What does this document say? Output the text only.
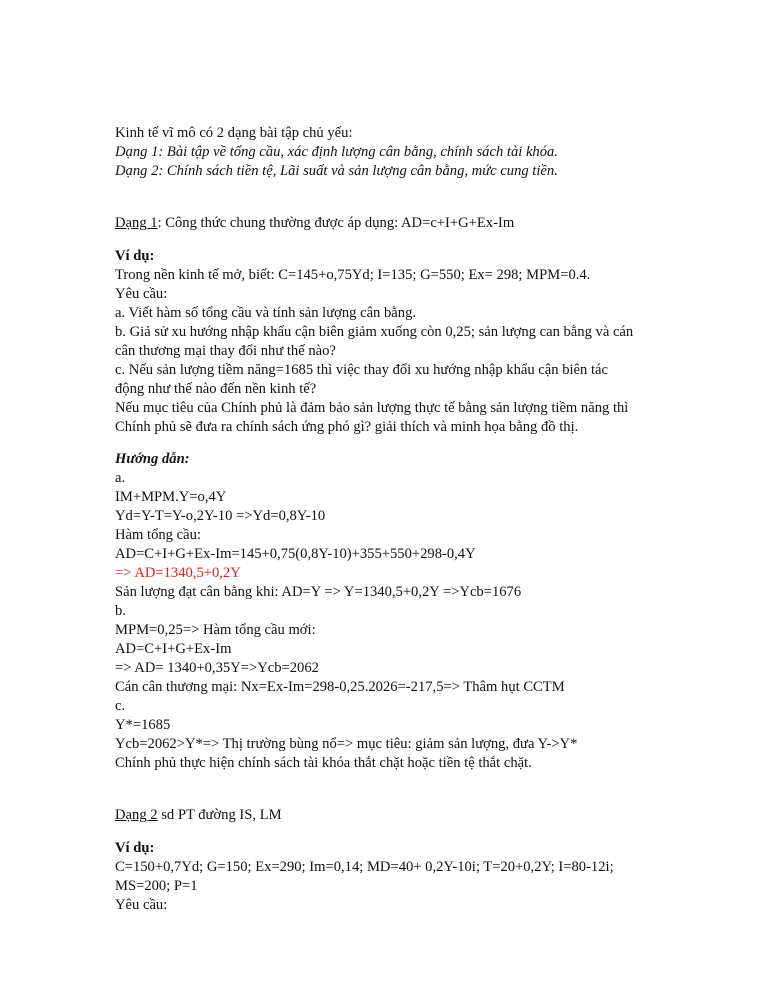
Kinh tế vĩ mô có 2 dạng bài tập chủ yếu:
Dạng 1: Bài tập về tổng cầu, xác định lượng cân bằng, chính sách tài khóa.
Dạng 2: Chính sách tiền tệ, Lãi suất và sản lượng cân bằng, mức cung tiền.
Dạng 1: Công thức chung thường được áp dụng: AD=c+I+G+Ex-Im
Ví dụ:
Trong nền kinh tế mở, biết: C=145+o,75Yd; I=135; G=550; Ex= 298; MPM=0.4.
Yêu cầu:
a. Viết hàm số tổng cầu và tính sản lượng cân bằng.
b. Giả sử xu hướng nhập khẩu cận biên giảm xuống còn 0,25; sản lượng can bằng và cán
cân thương mại thay đổi như thế nào?
c. Nếu sản lượng tiềm năng=1685 thì việc thay đổi xu hướng nhập khẩu cận biên tác
động như thế nào đến nền kinh tế?
Nếu mục tiêu của Chính phủ là đảm bảo sản lượng thực tế bằng sản lượng tiềm năng thì
Chính phủ sẽ đưa ra chính sách ứng phó gì? giải thích và minh họa bằng đồ thị.
Hướng dẫn:
a.
IM+MPM.Y=o,4Y
Yd=Y-T=Y-o,2Y-10 =>Yd=0,8Y-10
Hàm tổng cầu:
AD=C+I+G+Ex-Im=145+0,75(0,8Y-10)+355+550+298-0,4Y
=> AD=1340,5+0,2Y
Sản lượng đạt cân bằng khi: AD=Y => Y=1340,5+0,2Y =>Ycb=1676
b.
MPM=0,25=> Hàm tổng cầu mới:
AD=C+I+G+Ex-Im
=> AD= 1340+0,35Y=>Ycb=2062
Cán cân thương mại: Nx=Ex-Im=298-0,25.2026=-217,5=> Thâm hụt CCTM
c.
Y*=1685
Ycb=2062>Y*=> Thị trường bùng nổ=> mục tiêu: giảm sản lượng, đưa Y->Y*
Chính phủ thực hiện chính sách tài khóa thắt chặt hoặc tiền tệ thắt chặt.
Dạng 2 sd PT đường IS, LM
Ví dụ:
C=150+0,7Yd; G=150; Ex=290; Im=0,14; MD=40+ 0,2Y-10i; T=20+0,2Y; I=80-12i;
MS=200; P=1
Yêu cầu:
